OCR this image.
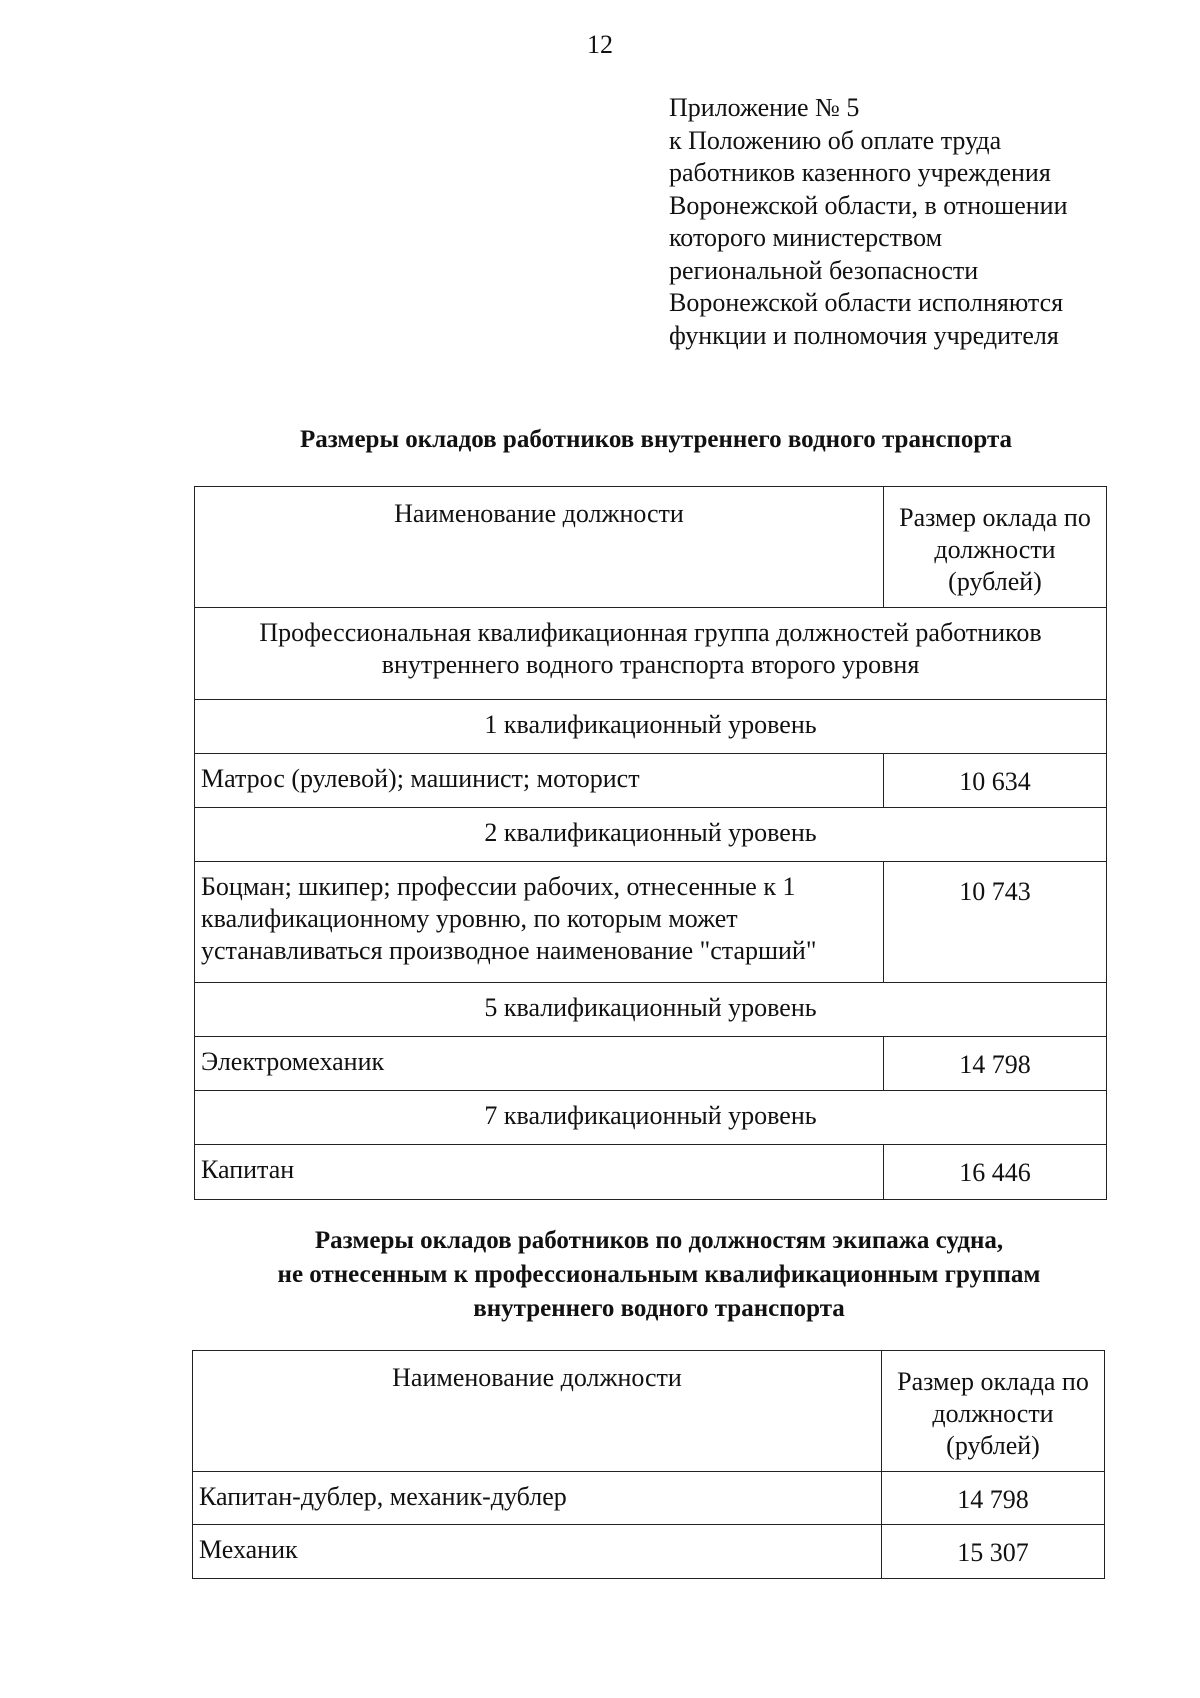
12
Приложение № 5
к Положению об оплате труда
работников казенного учреждения
Воронежской области, в отношении
которого министерством
региональной безопасности
Воронежской области исполняются
функции и полномочия учредителя
Размеры окладов работников внутреннего водного транспорта
Наименование должности	Размер оклада по
должности
(рублей)

Профессиональная квалификационная группа должностей работников
внутреннего водного транспорта второго уровня	

1 квалификационный уровень	
Матрос (рулевой); машинист; моторист	10 634
2 квалификационный уровень	

Боцман; шкипер; профессии рабочих, отнесенные к 1
квалификационному уровню, по которым может
устанавливаться производное наименование "старший"	10 743
5 квалификационный уровень	
Электромеханик	14 798
7 квалификационный уровень	
Капитан	16 446
Размеры окладов работников по должностям экипажа судна,
не отнесенным к профессиональным квалификационным группам
внутреннего водного транспорта
Наименование должности	Размер оклада по
должности
(рублей)

Капитан-дублер, механик-дублер	14 798
Механик	15 307
